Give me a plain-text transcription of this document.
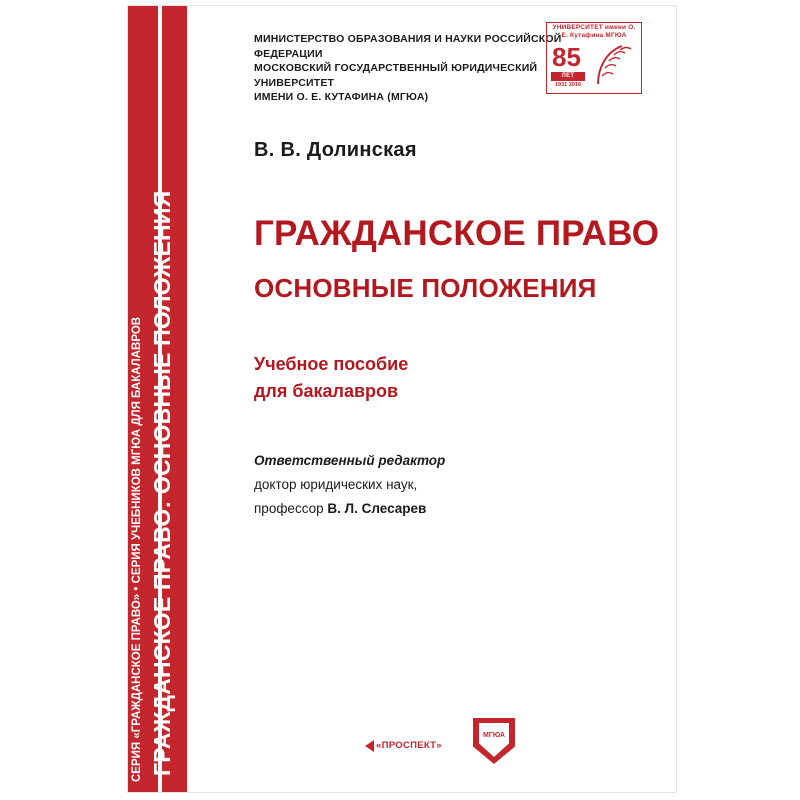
СЕРИЯ «ГРАЖДАНСКОЕ ПРАВО» • СЕРИЯ УЧЕБНИКОВ МГЮА ДЛЯ БАКАЛАВРОВ ГРАЖДАНСКОЕ ПРАВО: ОСНОВНЫЕ ПОЛОЖЕНИЯ
МИНИСТЕРСТВО ОБРАЗОВАНИЯ И НАУКИ РОССИЙСКОЙ ФЕДЕРАЦИИ
МОСКОВСКИЙ ГОСУДАРСТВЕННЫЙ ЮРИДИЧЕСКИЙ УНИВЕРСИТЕТ
ИМЕНИ О. Е. КУТАФИНА (МГЮА)
УНИВЕРСИТЕТ имени О. Е. Кутафина МГЮА
85
ЛЕТ
1931 2016
В. В. Долинская
ГРАЖДАНСКОЕ ПРАВО
ОСНОВНЫЕ ПОЛОЖЕНИЯ
Учебное пособие
для бакалавров
Ответственный редактор
доктор юридических наук,
профессор В. Л. Слесарев
«ПРОСПЕКТ»
МГЮА
